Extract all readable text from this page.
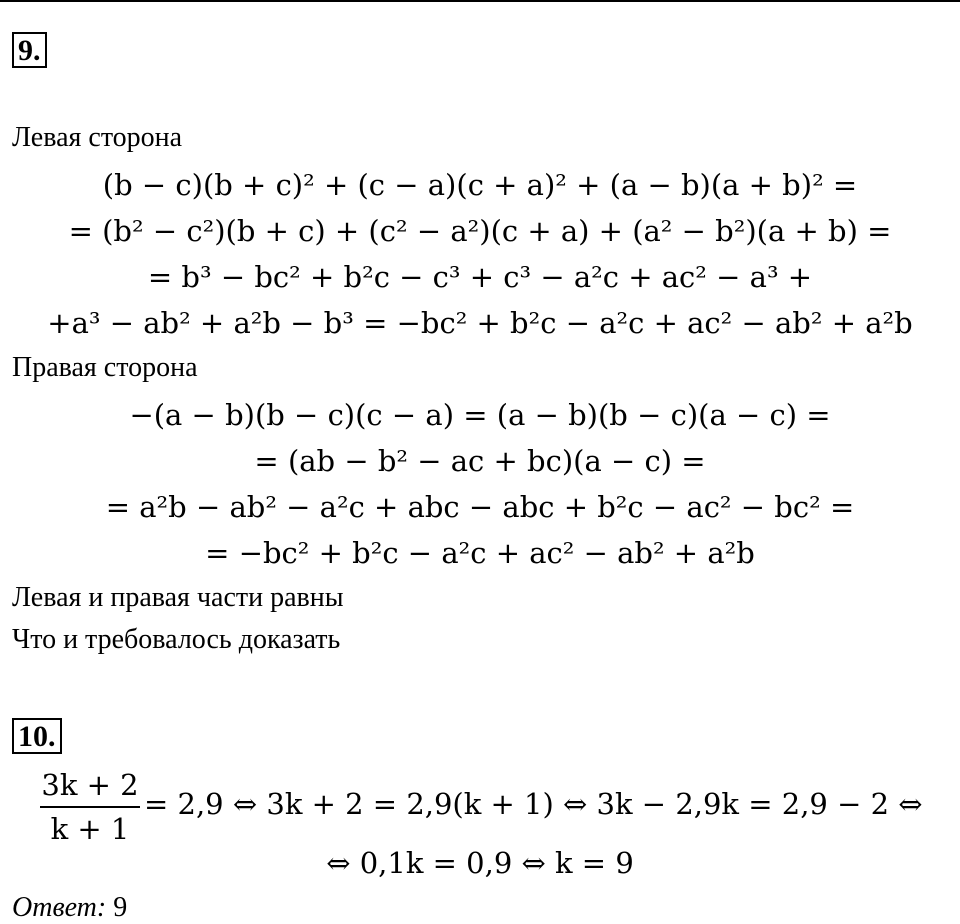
9.
Левая сторона
(b − c)(b + c)² + (c − a)(c + a)² + (a − b)(a + b)² =
= (b² − c²)(b + c) + (c² − a²)(c + a) + (a² − b²)(a + b) =
= b³ − bc² + b²c − c³ + c³ − a²c + ac² − a³ +
+a³ − ab² + a²b − b³ = −bc² + b²c − a²c + ac² − ab² + a²b
Правая сторона
−(a − b)(b − c)(c − a) = (a − b)(b − c)(a − c) =
= (ab − b² − ac + bc)(a − c) =
= a²b − ab² − a²c + abc − abc + b²c − ac² − bc² =
= −bc² + b²c − a²c + ac² − ab² + a²b
Левая и правая части равны
Что и требовалось доказать
10.
3k + 2
k + 1
= 2,9 ⇔ 3k + 2 = 2,9(k + 1) ⇔ 3k − 2,9k = 2,9 − 2 ⇔
⇔ 0,1k = 0,9 ⇔ k = 9
Ответ: 9
